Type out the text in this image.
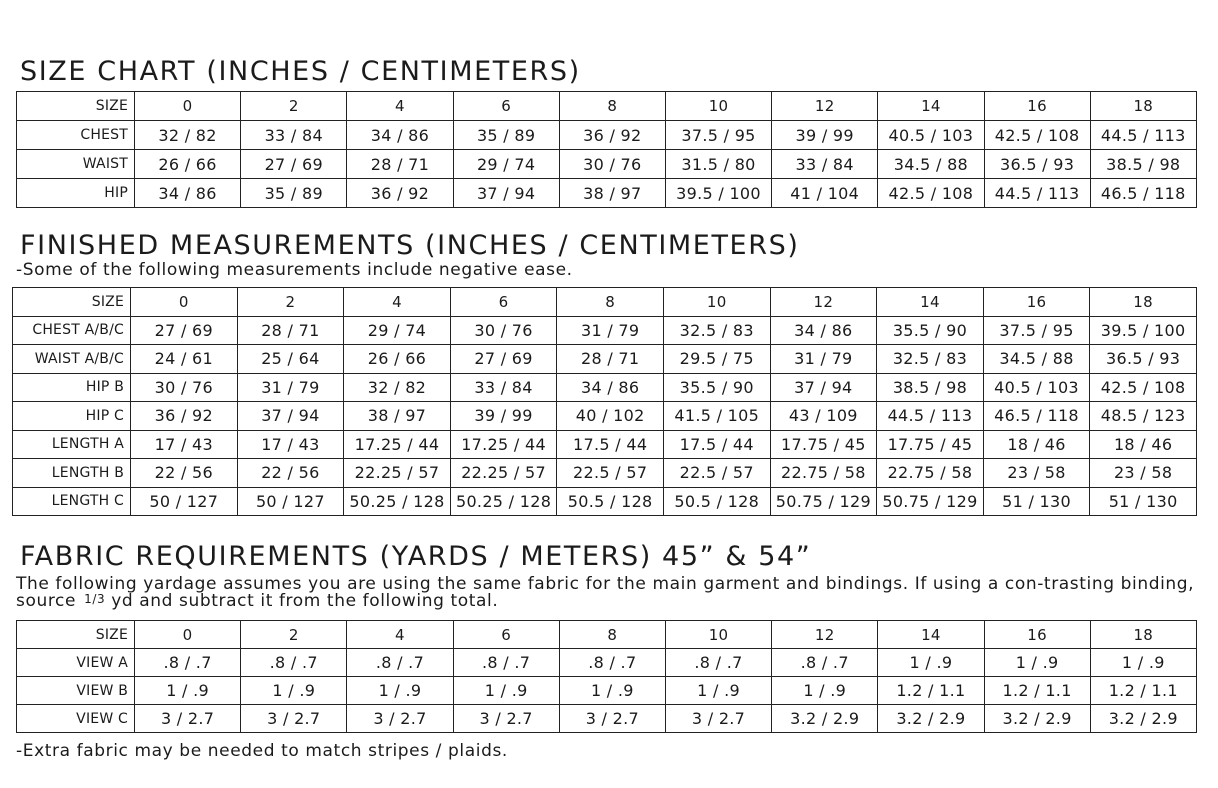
SIZE CHART (INCHES / CENTIMETERS)
SIZE	0	2	4	6	8	10	12	14	16	18
CHEST	32 / 82	33 / 84	34 / 86	35 / 89	36 / 92	37.5 / 95	39 / 99	40.5 / 103	42.5 / 108	44.5 / 113
WAIST	26 / 66	27 / 69	28 / 71	29 / 74	30 / 76	31.5 / 80	33 / 84	34.5 / 88	36.5 / 93	38.5 / 98
HIP	34 / 86	35 / 89	36 / 92	37 / 94	38 / 97	39.5 / 100	41 / 104	42.5 / 108	44.5 / 113	46.5 / 118
FINISHED MEASUREMENTS (INCHES / CENTIMETERS)

-Some of the following measurements include negative ease.

SIZE	0	2	4	6	8	10	12	14	16	18
CHEST A/B/C	27 / 69	28 / 71	29 / 74	30 / 76	31 / 79	32.5 / 83	34 / 86	35.5 / 90	37.5 / 95	39.5 / 100
WAIST A/B/C	24 / 61	25 / 64	26 / 66	27 / 69	28 / 71	29.5 / 75	31 / 79	32.5 / 83	34.5 / 88	36.5 / 93
HIP B	30 / 76	31 / 79	32 / 82	33 / 84	34 / 86	35.5 / 90	37 / 94	38.5 / 98	40.5 / 103	42.5 / 108
HIP C	36 / 92	37 / 94	38 / 97	39 / 99	40 / 102	41.5 / 105	43 / 109	44.5 / 113	46.5 / 118	48.5 / 123
LENGTH A	17 / 43	17 / 43	17.25 / 44	17.25 / 44	17.5 / 44	17.5 / 44	17.75 / 45	17.75 / 45	18 / 46	18 / 46
LENGTH B	22 / 56	22 / 56	22.25 / 57	22.25 / 57	22.5 / 57	22.5 / 57	22.75 / 58	22.75 / 58	23 / 58	23 / 58
LENGTH C	50 / 127	50 / 127	50.25 / 128	50.25 / 128	50.5 / 128	50.5 / 128	50.75 / 129	50.75 / 129	51 / 130	51 / 130
FABRIC REQUIREMENTS (YARDS / METERS) 45” & 54”

The following yardage assumes you are using the same fabric for the main garment and bindings. If using a con-trasting binding, source $^{1/3}$ yd and subtract it from the following total.

SIZE	0	2	4	6	8	10	12	14	16	18
VIEW A	.8 / .7	.8 / .7	.8 / .7	.8 / .7	.8 / .7	.8 / .7	.8 / .7	1 / .9	1 / .9	1 / .9
VIEW B	1 / .9	1 / .9	1 / .9	1 / .9	1 / .9	1 / .9	1 / .9	1.2 / 1.1	1.2 / 1.1	1.2 / 1.1
VIEW C	3 / 2.7	3 / 2.7	3 / 2.7	3 / 2.7	3 / 2.7	3 / 2.7	3.2 / 2.9	3.2 / 2.9	3.2 / 2.9	3.2 / 2.9

-Extra fabric may be needed to match stripes / plaids.
